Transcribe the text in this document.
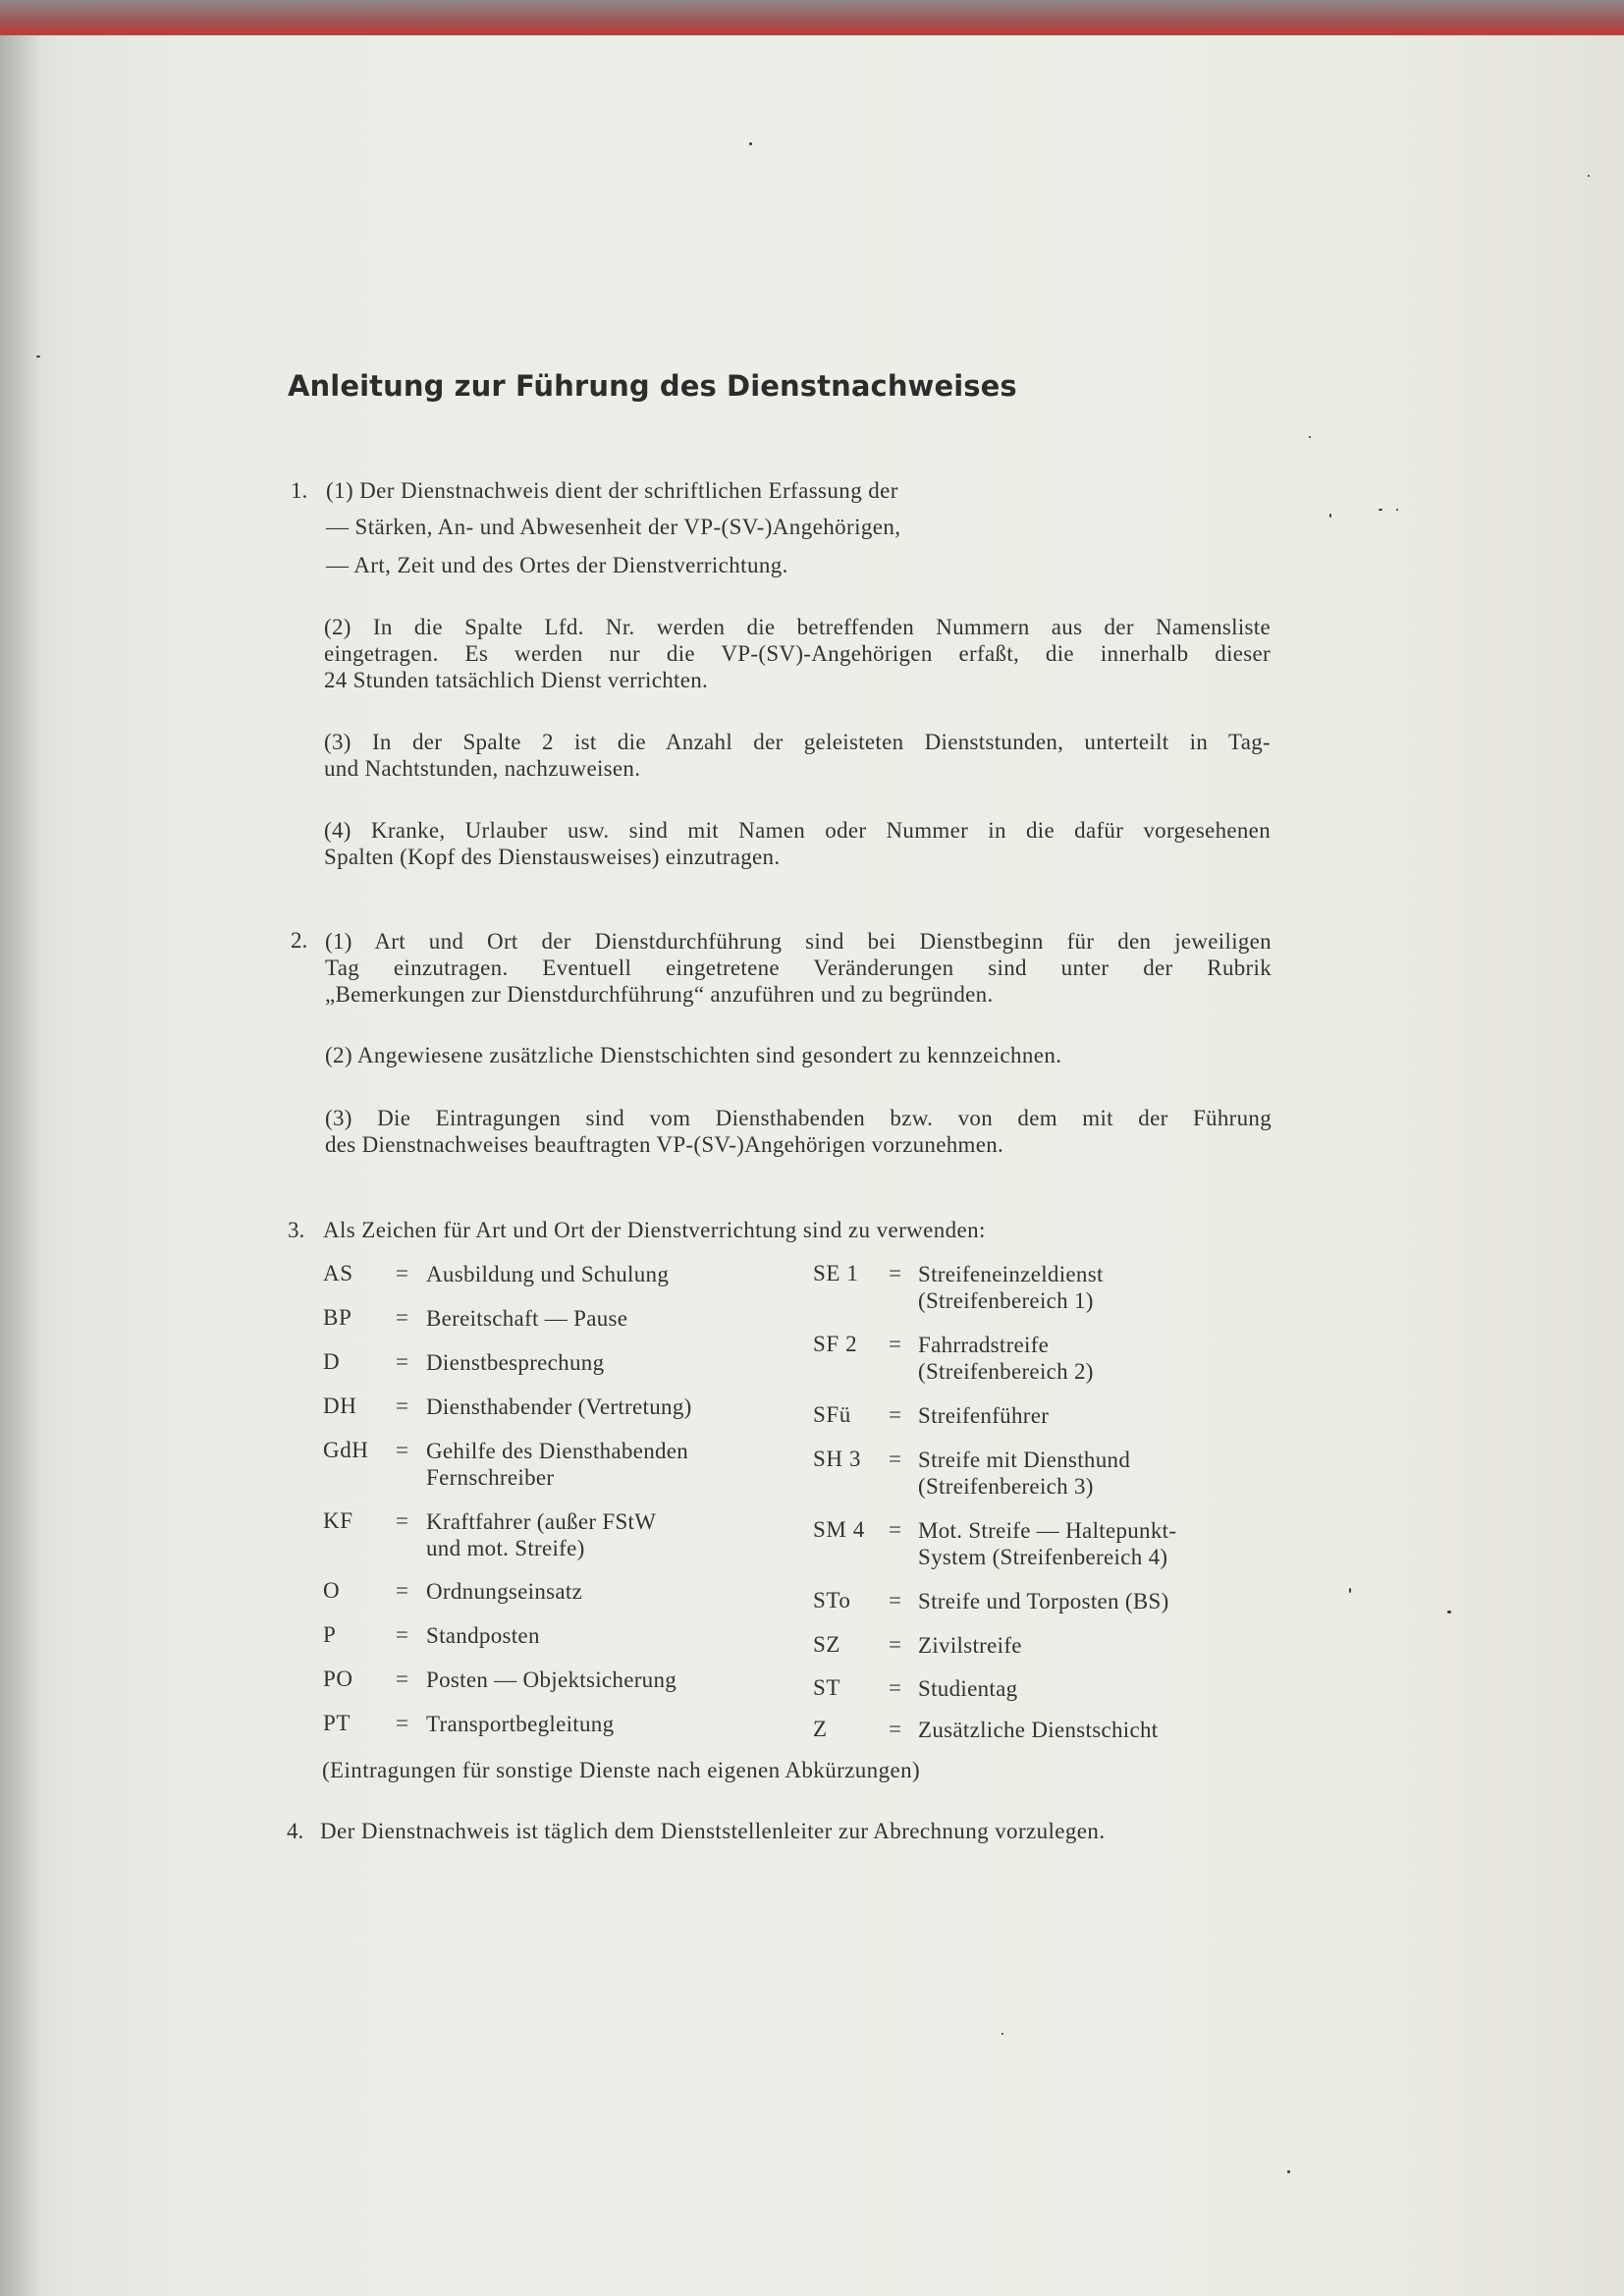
Anleitung zur Führung des Dienstnachweises
1. (1) Der Dienstnachweis dient der schriftlichen Erfassung der
— Stärken, An- und Abwesenheit der VP-(SV-)Angehörigen,
— Art, Zeit und des Ortes der Dienstverrichtung.
(2) In die Spalte Lfd. Nr. werden die betreffenden Nummern aus der Namensliste
eingetragen. Es werden nur die VP-(SV)-Angehörigen erfaßt, die innerhalb dieser
24 Stunden tatsächlich Dienst verrichten.
(3) In der Spalte 2 ist die Anzahl der geleisteten Dienststunden, unterteilt in Tag-
und Nachtstunden, nachzuweisen.
(4) Kranke, Urlauber usw. sind mit Namen oder Nummer in die dafür vorgesehenen
Spalten (Kopf des Dienstausweises) einzutragen.
2. (1) Art und Ort der Dienstdurchführung sind bei Dienstbeginn für den jeweiligen
Tag einzutragen. Eventuell eingetretene Veränderungen sind unter der Rubrik
„Bemerkungen zur Dienstdurchführung“ anzuführen und zu begründen.
(2) Angewiesene zusätzliche Dienstschichten sind gesondert zu kennzeichnen.
(3) Die Eintragungen sind vom Diensthabenden bzw. von dem mit der Führung
des Dienstnachweises beauftragten VP-(SV-)Angehörigen vorzunehmen.
3. Als Zeichen für Art und Ort der Dienstverrichtung sind zu verwenden:
AS = Ausbildung und Schulung
BP = Bereitschaft — Pause
D = Dienstbesprechung
DH = Diensthabender (Vertretung)
GdH = Gehilfe des Diensthabenden
Fernschreiber
KF = Kraftfahrer (außer FStW
und mot. Streife)
O = Ordnungseinsatz
P	= Standposten
PO = Posten — Objektsicherung
PT = Transportbegleitung
SE 1 = Streifeneinzeldienst
(Streifenbereich 1)
SF 2 = Fahrradstreife
(Streifenbereich 2)
SFü = Streifenführer
SH 3 = Streife mit Diensthund
(Streifenbereich 3)
SM 4 = Mot. Streife — Haltepunkt-
System (Streifenbereich 4)
STo = Streife und Torposten (BS)
SZ = Zivilstreife
ST = Studientag
Z	= Zusätzliche Dienstschicht
(Eintragungen für sonstige Dienste nach eigenen Abkürzungen)
4. Der Dienstnachweis ist täglich dem Dienststellenleiter zur Abrechnung vorzulegen.
